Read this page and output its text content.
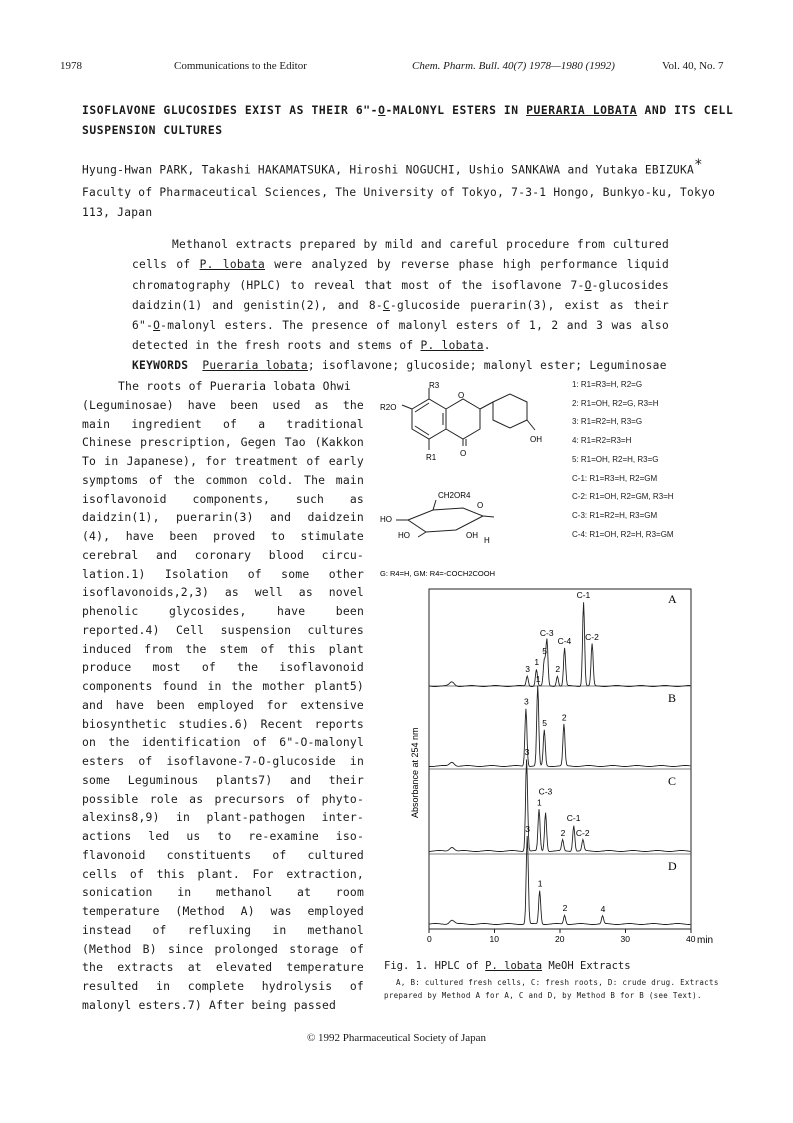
1978	Communications to the Editor	Chem. Pharm. Bull. 40(7) 1978—1980 (1992)	Vol. 40, No. 7
ISOFLAVONE GLUCOSIDES EXIST AS THEIR 6"-O-MALONYL ESTERS IN PUERARIA LOBATA AND ITS CELL
SUSPENSION CULTURES
Hyung-Hwan PARK, Takashi HAKAMATSUKA, Hiroshi NOGUCHI, Ushio SANKAWA and Yutaka EBIZUKA*
Faculty of Pharmaceutical Sciences, The University of Tokyo, 7-3-1 Hongo, Bunkyo-ku, Tokyo
113, Japan
Methanol extracts prepared by mild and careful procedure from cultured
cells of P. lobata were analyzed by reverse phase high performance liquid
chromatography (HPLC) to reveal that most of the isoflavone 7-O-glucosides
daidzin(1) and genistin(2), and 8-C-glucoside puerarin(3), exist as their
6"-O-malonyl esters. The presence of malonyl esters of 1, 2 and 3 was also
detected in the fresh roots and stems of P. lobata.
KEYWORDS Pueraria lobata; isoflavone; glucoside; malonyl ester; Leguminosae
The roots of Pueraria lobata Ohwi
(Leguminosae) have been used as the
main ingredient of a traditional
Chinese prescription, Gegen Tao (Kakkon
To in Japanese), for treatment of early
symptoms of the common cold. The main
isoflavonoid components, such as
daidzin(1), puerarin(3) and daidzein
(4), have been proved to stimulate
cerebral and coronary blood circu-
lation.1) Isolation of some other
isoflavonoids,2,3) as well as novel
phenolic glycosides, have been
reported.4) Cell suspension cultures
induced from the stem of this plant
produce most of the isoflavonoid
components found in the mother plant5)
and have been employed for extensive
biosynthetic studies.6) Recent reports
on the identification of 6"-O-malonyl
esters of isoflavone-7-O-glucoside in
some Leguminous plants7) and their
possible role as precursors of phyto-
alexins8,9) in plant-pathogen inter-
actions led us to re-examine iso-
flavonoid constituents of cultured
cells of this plant. For extraction,
sonication in methanol at room
temperature (Method A) was employed
instead of refluxing in methanol
(Method B) since prolonged storage of
the extracts at elevated temperature
resulted in complete hydrolysis of
malonyl esters.7) After being passed
1: R1=R3=H, R2=G
2: R1=OH, R2=G, R3=H
3: R1=R2=H, R3=G
4: R1=R2=R3=H
5: R1=OH, R2=H, R3=G
C-1: R1=R3=H, R2=GM
C-2: R1=OH, R2=GM, R3=H
C-3: R1=R2=H, R3=GM
C-4: R1=OH, R2=H, R3=GM
R3
R2O
R1
O
O
OH
CH2OR4
O
HO
HO	OH
H
G: R4=H, GM: R4=-COCH2COOH
A
3
1
5
C-3
2
C-4
C-1
C-2
B
3
1
5
2
C
3
1
C-3
2
C-1
C-2
D
3
1
2	4
0	10	20	30	40
Absorbance at 254 nm
min
Fig. 1. HPLC of P. lobata MeOH Extracts
A, B: cultured fresh cells, C: fresh roots, D: crude drug. Extracts
prepared by Method A for A, C and D, by Method B for B (see Text).
© 1992 Pharmaceutical Society of Japan
